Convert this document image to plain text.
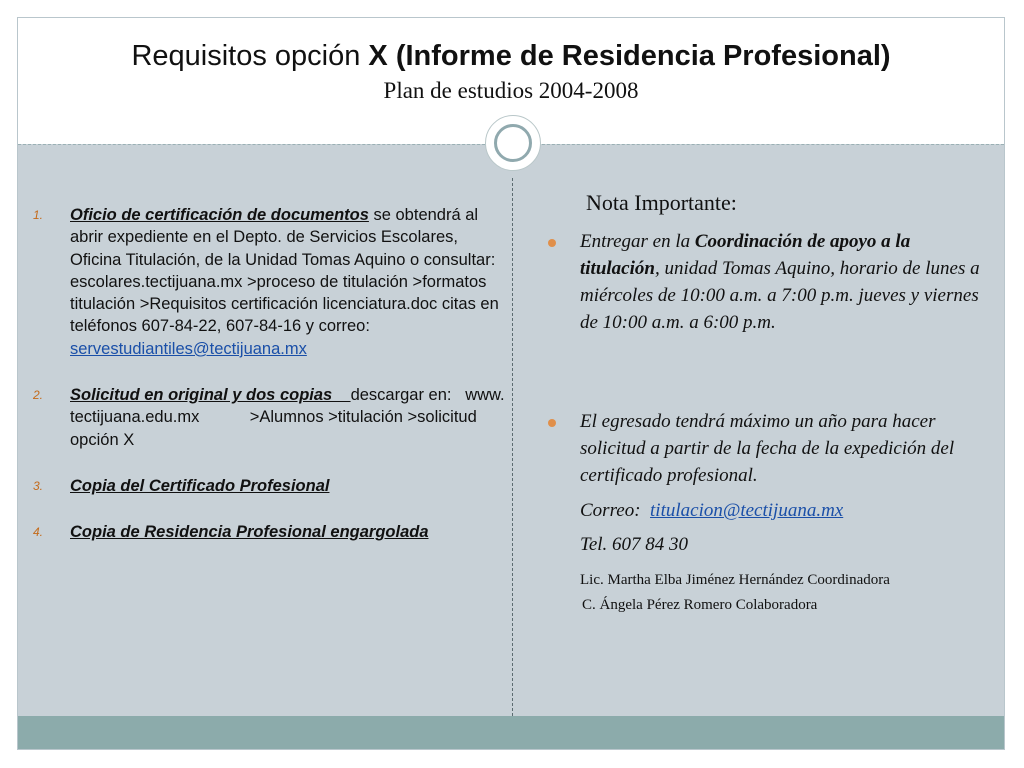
Requisitos opción X (Informe de Residencia Profesional)
Plan de estudios 2004-2008
1. Oficio de certificación de documentos se obtendrá al abrir expediente en el Depto. de Servicios Escolares, Oficina Titulación, de la Unidad Tomas Aquino o consultar: escolares.tectijuana.mx >proceso de titulación >formatos titulación >Requisitos certificación licenciatura.doc citas en teléfonos 607-84-22, 607-84-16 y correo: servestudiantiles@tectijuana.mx
2. Solicitud en original y dos copias    descargar en:   www. tectijuana.edu.mx           >Alumnos >titulación >solicitud opción X
3. Copia del Certificado Profesional
4. Copia de Residencia Profesional engargolada
Nota Importante:
Entregar en la Coordinación de apoyo a la titulación, unidad Tomas Aquino, horario de lunes a miércoles de 10:00 a.m. a 7:00 p.m. jueves y viernes de 10:00 a.m. a 6:00 p.m.
El egresado tendrá máximo un año para hacer solicitud a partir de la fecha de la expedición del certificado profesional.
Correo: titulacion@tectijuana.mx
Tel. 607 84 30
Lic. Martha Elba Jiménez Hernández Coordinadora
C. Ángela Pérez Romero Colaboradora
